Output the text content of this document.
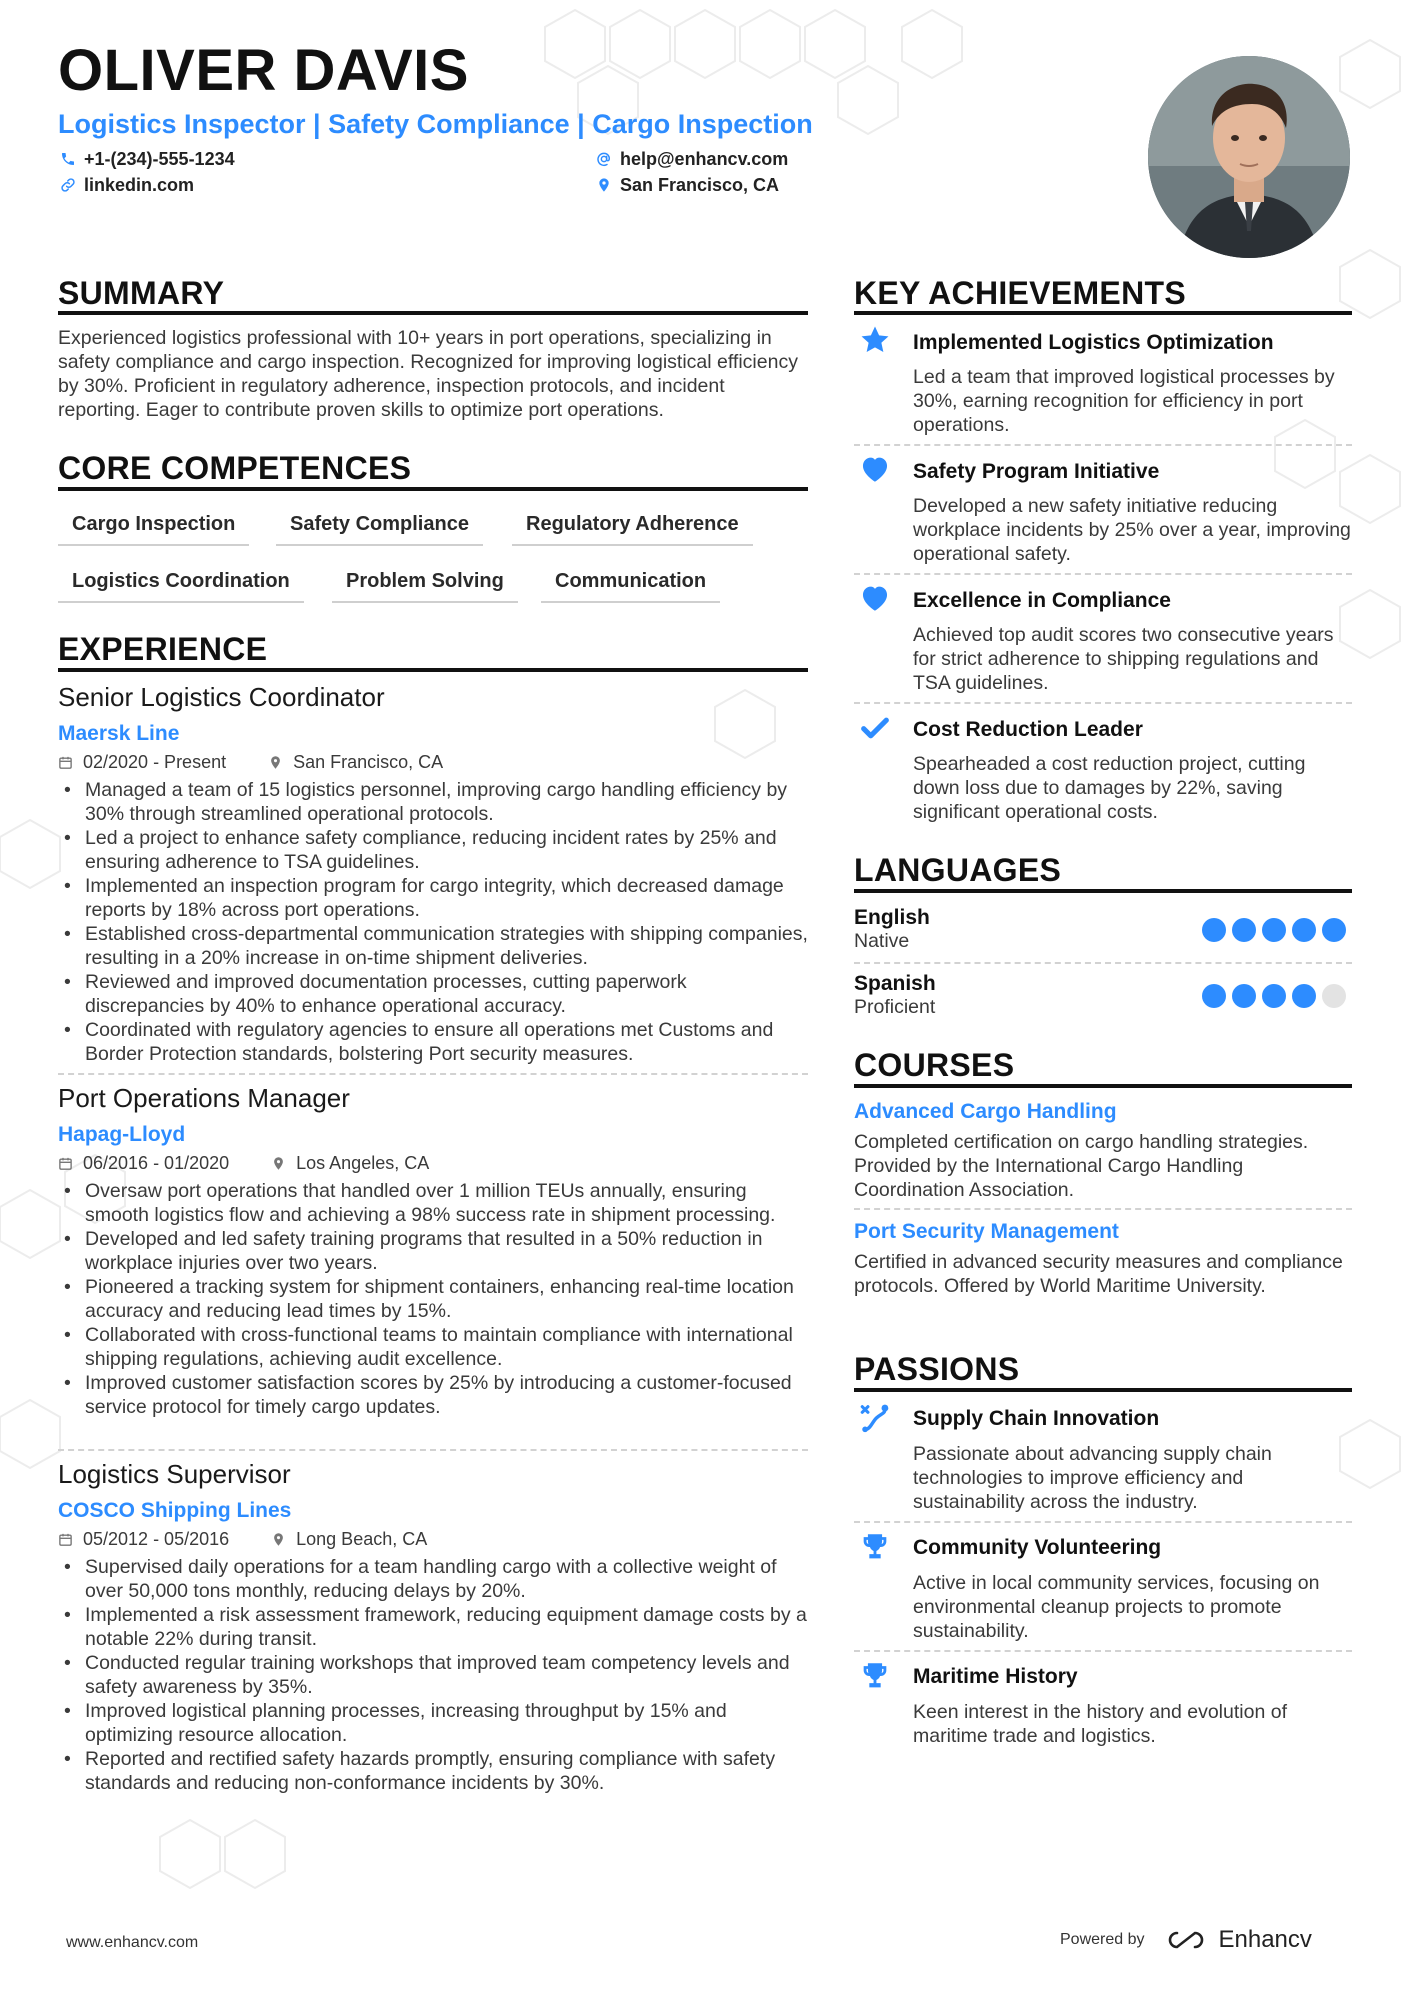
OLIVER DAVIS
Logistics Inspector | Safety Compliance | Cargo Inspection
+1-(234)-555-1234	help@enhancv.com
linkedin.com	San Francisco, CA
SUMMARY
Experienced logistics professional with 10+ years in port operations, specializing in safety compliance and cargo inspection. Recognized for improving logistical efficiency by 30%. Proficient in regulatory adherence, inspection protocols, and incident reporting. Eager to contribute proven skills to optimize port operations.
CORE COMPETENCES
Cargo Inspection	Safety Compliance	Regulatory Adherence
Logistics Coordination	Problem Solving	Communication
EXPERIENCE
Senior Logistics Coordinator
Maersk Line
02/2020 - Present	San Francisco, CA
• Managed a team of 15 logistics personnel, improving cargo handling efficiency by 30% through streamlined operational protocols.
• Led a project to enhance safety compliance, reducing incident rates by 25% and ensuring adherence to TSA guidelines.
• Implemented an inspection program for cargo integrity, which decreased damage reports by 18% across port operations.
• Established cross-departmental communication strategies with shipping companies, resulting in a 20% increase in on-time shipment deliveries.
• Reviewed and improved documentation processes, cutting paperwork discrepancies by 40% to enhance operational accuracy.
• Coordinated with regulatory agencies to ensure all operations met Customs and Border Protection standards, bolstering Port security measures.
Port Operations Manager
Hapag-Lloyd
06/2016 - 01/2020	Los Angeles, CA
• Oversaw port operations that handled over 1 million TEUs annually, ensuring smooth logistics flow and achieving a 98% success rate in shipment processing.
• Developed and led safety training programs that resulted in a 50% reduction in workplace injuries over two years.
• Pioneered a tracking system for shipment containers, enhancing real-time location accuracy and reducing lead times by 15%.
• Collaborated with cross-functional teams to maintain compliance with international shipping regulations, achieving audit excellence.
• Improved customer satisfaction scores by 25% by introducing a customer-focused service protocol for timely cargo updates.
Logistics Supervisor
COSCO Shipping Lines
05/2012 - 05/2016	Long Beach, CA
• Supervised daily operations for a team handling cargo with a collective weight of over 50,000 tons monthly, reducing delays by 20%.
• Implemented a risk assessment framework, reducing equipment damage costs by a notable 22% during transit.
• Conducted regular training workshops that improved team competency levels and safety awareness by 35%.
• Improved logistical planning processes, increasing throughput by 15% and optimizing resource allocation.
• Reported and rectified safety hazards promptly, ensuring compliance with safety standards and reducing non-conformance incidents by 30%.
KEY ACHIEVEMENTS
Implemented Logistics Optimization
Led a team that improved logistical processes by 30%, earning recognition for efficiency in port operations.
Safety Program Initiative
Developed a new safety initiative reducing workplace incidents by 25% over a year, improving operational safety.
Excellence in Compliance
Achieved top audit scores two consecutive years for strict adherence to shipping regulations and TSA guidelines.
Cost Reduction Leader
Spearheaded a cost reduction project, cutting down loss due to damages by 22%, saving significant operational costs.
LANGUAGES
English
Native
Spanish
Proficient
COURSES
Advanced Cargo Handling
Completed certification on cargo handling strategies. Provided by the International Cargo Handling Coordination Association.
Port Security Management
Certified in advanced security measures and compliance protocols. Offered by World Maritime University.
PASSIONS
Supply Chain Innovation
Passionate about advancing supply chain technologies to improve efficiency and sustainability across the industry.
Community Volunteering
Active in local community services, focusing on environmental cleanup projects to promote sustainability.
Maritime History
Keen interest in the history and evolution of maritime trade and logistics.
www.enhancv.com	Powered by	Enhancv
